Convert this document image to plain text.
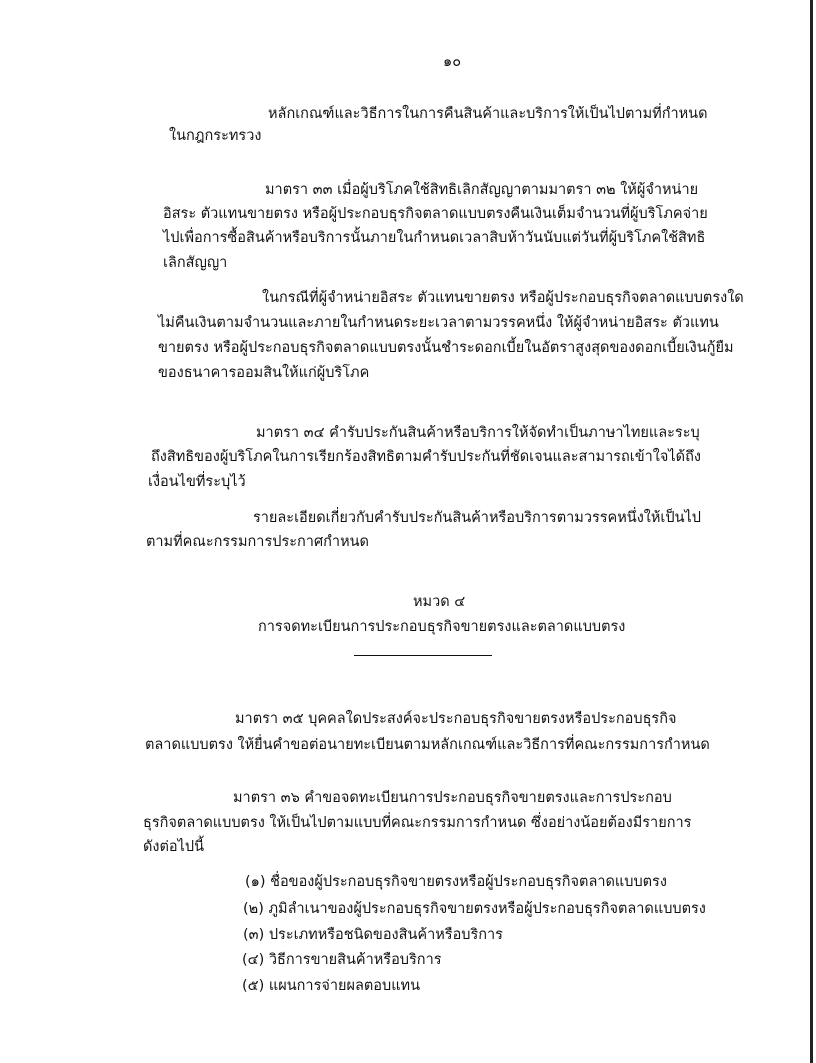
๑๐
หลักเกณฑ์และวิธีการในการคืนสินค้าและบริการให้เป็นไปตามที่กำหนด
ในกฎกระทรวง
มาตรา ๓๓ เมื่อผู้บริโภคใช้สิทธิเลิกสัญญาตามมาตรา ๓๒ ให้ผู้จำหน่าย
อิสระ ตัวแทนขายตรง หรือผู้ประกอบธุรกิจตลาดแบบตรงคืนเงินเต็มจำนวนที่ผู้บริโภคจ่าย
ไปเพื่อการซื้อสินค้าหรือบริการนั้นภายในกำหนดเวลาสิบห้าวันนับแต่วันที่ผู้บริโภคใช้สิทธิ
เลิกสัญญา
ในกรณีที่ผู้จำหน่ายอิสระ ตัวแทนขายตรง หรือผู้ประกอบธุรกิจตลาดแบบตรงใด
ไม่คืนเงินตามจำนวนและภายในกำหนดระยะเวลาตามวรรคหนึ่ง ให้ผู้จำหน่ายอิสระ ตัวแทน
ขายตรง หรือผู้ประกอบธุรกิจตลาดแบบตรงนั้นชำระดอกเบี้ยในอัตราสูงสุดของดอกเบี้ยเงินกู้ยืม
ของธนาคารออมสินให้แก่ผู้บริโภค
มาตรา ๓๔ คำรับประกันสินค้าหรือบริการให้จัดทำเป็นภาษาไทยและระบุ
ถึงสิทธิของผู้บริโภคในการเรียกร้องสิทธิตามคำรับประกันที่ชัดเจนและสามารถเข้าใจได้ถึง
เงื่อนไขที่ระบุไว้
รายละเอียดเกี่ยวกับคำรับประกันสินค้าหรือบริการตามวรรคหนึ่งให้เป็นไป
ตามที่คณะกรรมการประกาศกำหนด
หมวด ๔
การจดทะเบียนการประกอบธุรกิจขายตรงและตลาดแบบตรง
มาตรา ๓๕ บุคคลใดประสงค์จะประกอบธุรกิจขายตรงหรือประกอบธุรกิจ
ตลาดแบบตรง ให้ยื่นคำขอต่อนายทะเบียนตามหลักเกณฑ์และวิธีการที่คณะกรรมการกำหนด
มาตรา ๓๖ คำขอจดทะเบียนการประกอบธุรกิจขายตรงและการประกอบ
ธุรกิจตลาดแบบตรง ให้เป็นไปตามแบบที่คณะกรรมการกำหนด ซึ่งอย่างน้อยต้องมีรายการ
ดังต่อไปนี้
(๑) ชื่อของผู้ประกอบธุรกิจขายตรงหรือผู้ประกอบธุรกิจตลาดแบบตรง
(๒) ภูมิลำเนาของผู้ประกอบธุรกิจขายตรงหรือผู้ประกอบธุรกิจตลาดแบบตรง
(๓) ประเภทหรือชนิดของสินค้าหรือบริการ
(๔) วิธีการขายสินค้าหรือบริการ
(๕) แผนการจ่ายผลตอบแทน
